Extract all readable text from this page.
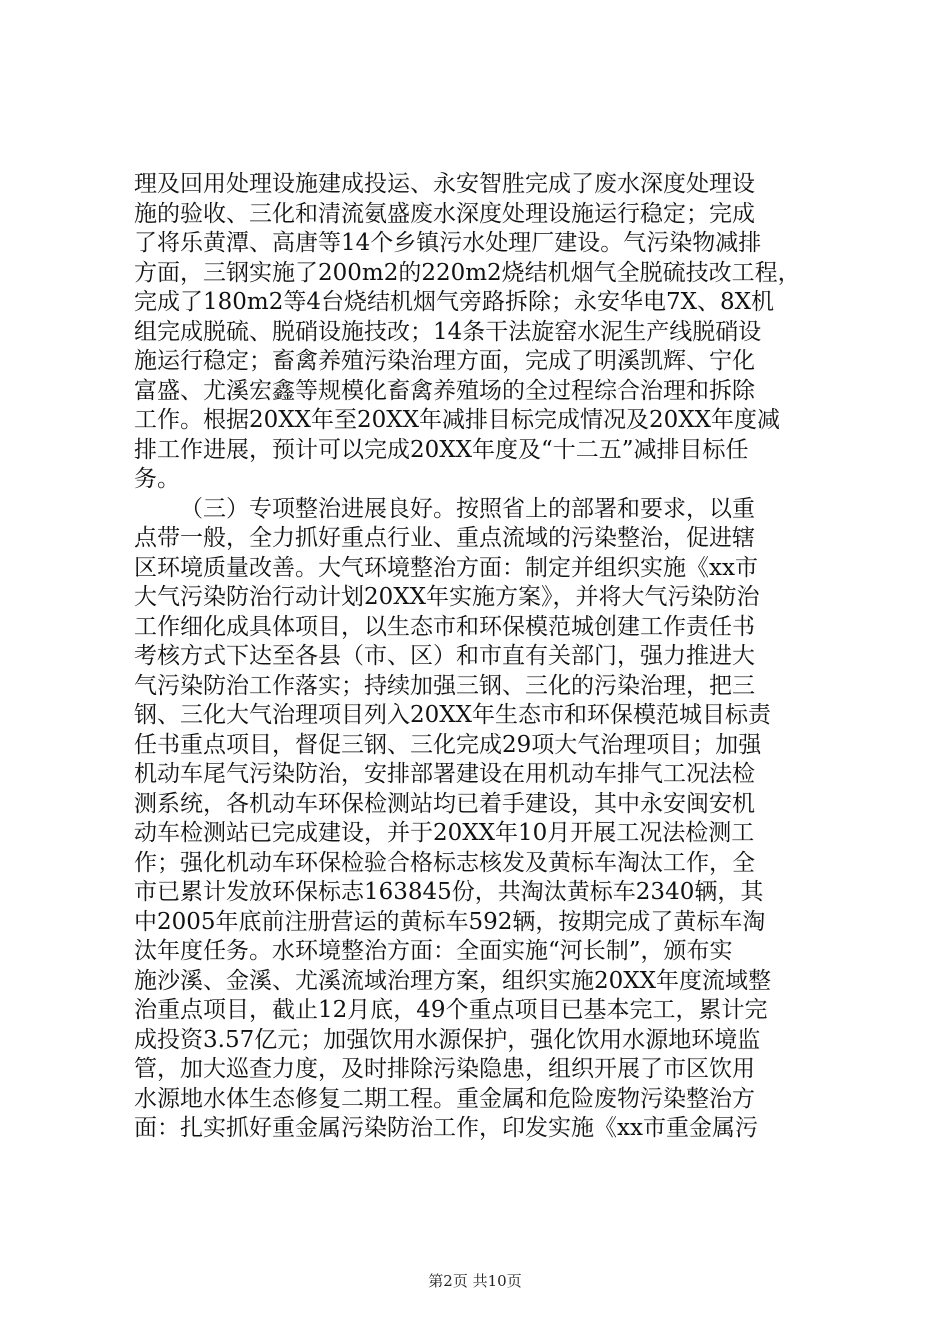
理及回用处理设施建成投运、永安智胜完成了废水深度处理设
施的验收、三化和清流氨盛废水深度处理设施运行稳定；完成
了将乐黄潭、高唐等14个乡镇污水处理厂建设。气污染物减排
方面，三钢实施了200m2的220m2烧结机烟气全脱硫技改工程，
完成了180m2等4台烧结机烟气旁路拆除；永安华电7X、8X机
组完成脱硫、脱硝设施技改；14条干法旋窑水泥生产线脱硝设
施运行稳定；畜禽养殖污染治理方面，完成了明溪凯辉、宁化
富盛、尤溪宏鑫等规模化畜禽养殖场的全过程综合治理和拆除
工作。根据20XX年至20XX年减排目标完成情况及20XX年度减
排工作进展，预计可以完成20XX年度及“十二五”减排目标任
务。
（三）专项整治进展良好。按照省上的部署和要求，以重
点带一般，全力抓好重点行业、重点流域的污染整治，促进辖
区环境质量改善。大气环境整治方面：制定并组织实施《xx市
大气污染防治行动计划20XX年实施方案》，并将大气污染防治
工作细化成具体项目，以生态市和环保模范城创建工作责任书
考核方式下达至各县（市、区）和市直有关部门，强力推进大
气污染防治工作落实；持续加强三钢、三化的污染治理，把三
钢、三化大气治理项目列入20XX年生态市和环保模范城目标责
任书重点项目，督促三钢、三化完成29项大气治理项目；加强
机动车尾气污染防治，安排部署建设在用机动车排气工况法检
测系统，各机动车环保检测站均已着手建设，其中永安闽安机
动车检测站已完成建设，并于20XX年10月开展工况法检测工
作；强化机动车环保检验合格标志核发及黄标车淘汰工作，全
市已累计发放环保标志163845份，共淘汰黄标车2340辆，其
中2005年底前注册营运的黄标车592辆，按期完成了黄标车淘
汰年度任务。水环境整治方面：全面实施“河长制”，颁布实
施沙溪、金溪、尤溪流域治理方案，组织实施20XX年度流域整
治重点项目，截止12月底，49个重点项目已基本完工，累计完
成投资3.57亿元；加强饮用水源保护，强化饮用水源地环境监
管，加大巡查力度，及时排除污染隐患，组织开展了市区饮用
水源地水体生态修复二期工程。重金属和危险废物污染整治方
面：扎实抓好重金属污染防治工作，印发实施《xx市重金属污
第2页 共10页
